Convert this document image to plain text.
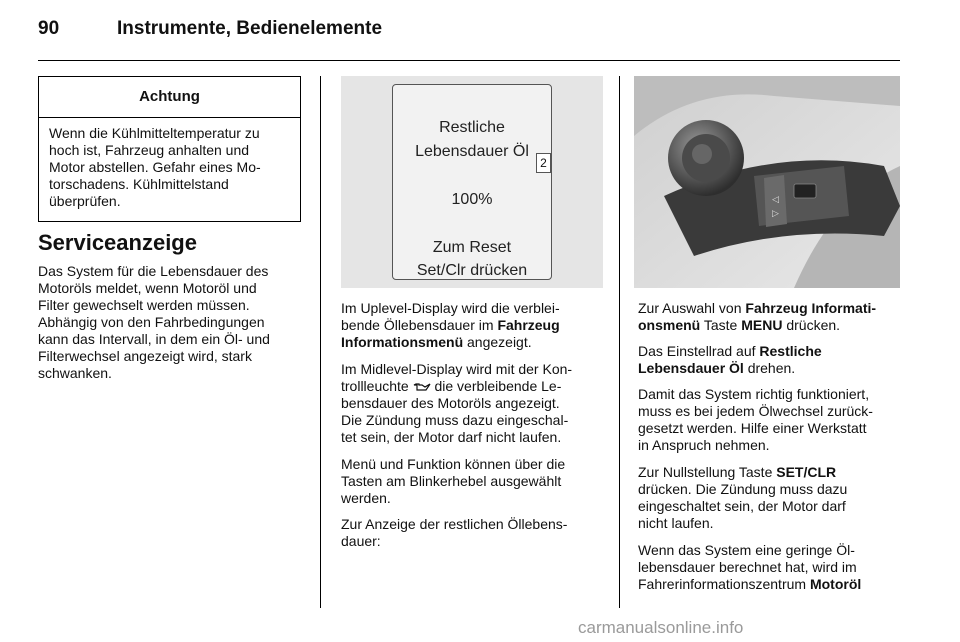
90	Instrumente, Bedienelemente
Achtung
Wenn die Kühlmitteltemperatur zu
hoch ist, Fahrzeug anhalten und
Motor abstellen. Gefahr eines Mo-
torschadens. Kühlmittelstand
überprüfen.
Serviceanzeige
Das System für die Lebensdauer des
Motoröls meldet, wenn Motoröl und
Filter gewechselt werden müssen.
Abhängig von den Fahrbedingungen
kann das Intervall, in dem ein Öl- und
Filterwechsel angezeigt wird, stark
schwanken.
Restliche
Lebensdauer Öl
2
100%
Zum Reset
Set/Clr drücken
Im Uplevel-Display wird die verblei-
bende Öllebensdauer im Fahrzeug
Informationsmenü angezeigt.
Im Midlevel-Display wird mit der Kon-
trollleuchte  die verbleibende Le-
bensdauer des Motoröls angezeigt.
Die Zündung muss dazu eingeschal-
tet sein, der Motor darf nicht laufen.
Menü und Funktion können über die
Tasten am Blinkerhebel ausgewählt
werden.
Zur Anzeige der restlichen Öllebens-
dauer:
◁
▷
Zur Auswahl von Fahrzeug Informati-
onsmenü Taste MENU drücken.
Das Einstellrad auf Restliche
Lebensdauer Öl drehen.
Damit das System richtig funktioniert,
muss es bei jedem Ölwechsel zurück-
gesetzt werden. Hilfe einer Werkstatt
in Anspruch nehmen.
Zur Nullstellung Taste SET/CLR
drücken. Die Zündung muss dazu
eingeschaltet sein, der Motor darf
nicht laufen.
Wenn das System eine geringe Öl-
lebensdauer berechnet hat, wird im
Fahrerinformationszentrum Motoröl
carmanualsonline.info
